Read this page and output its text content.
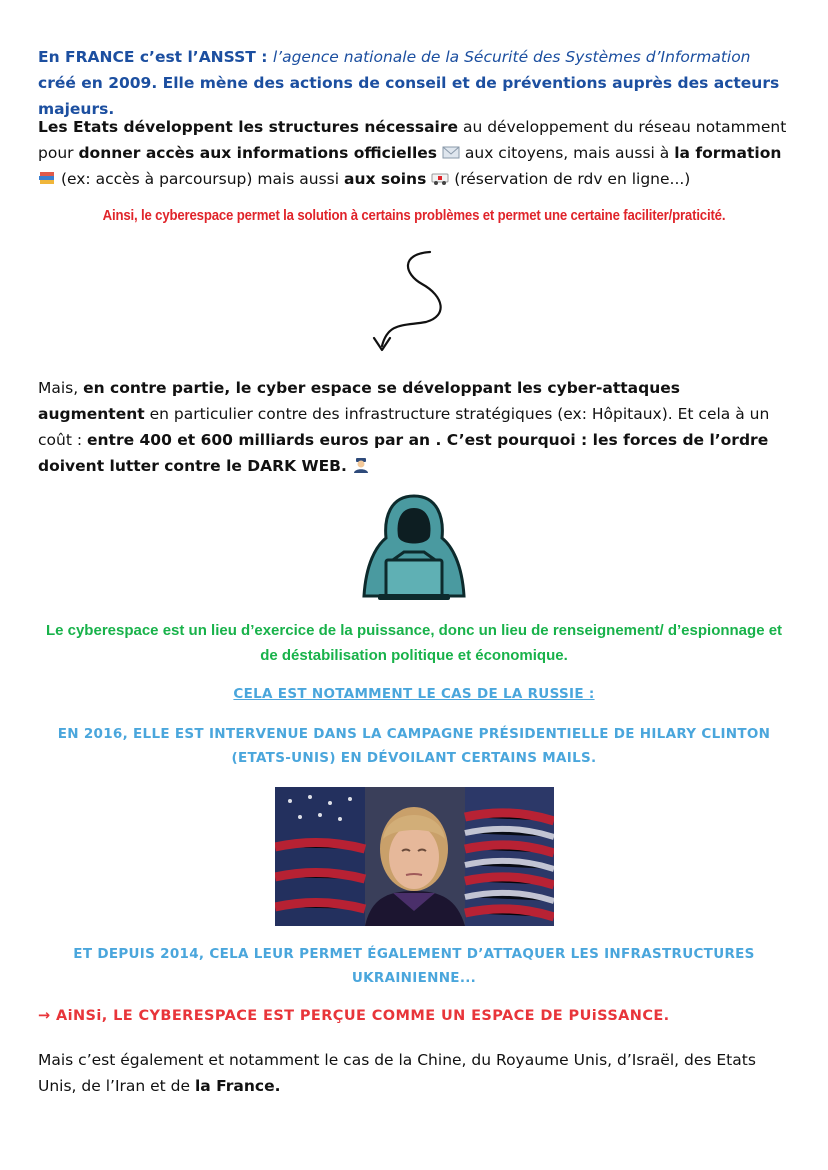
En FRANCE c’est l’ANSST : l’agence nationale de la Sécurité des Systèmes d’Information créé en 2009. Elle mène des actions de conseil et de préventions auprès des acteurs majeurs.
Les Etats développent les structures nécessaire au développement du réseau notamment pour donner accès aux informations officielles  aux citoyens, mais aussi à la formation  (ex: accès à parcoursup) mais aussi aux soins  (réservation de rdv en ligne...)
Ainsi, le cyberespace permet la solution à certains problèmes et permet une certaine faciliter/praticité.
Mais, en contre partie, le cyber espace se développant les cyber-attaques augmentent en particulier contre des infrastructure stratégiques (ex: Hôpitaux). Et cela à un coût : entre 400 et 600 milliards euros par an . C’est pourquoi : les forces de l’ordre doivent lutter contre le DARK WEB.
Le cyberespace est un lieu d’exercice de la puissance, donc un lieu de renseignement/ d’espionnage et de déstabilisation politique et économique.
CELA EST NOTAMMENT LE CAS DE LA RUSSIE :
EN 2016, ELLE EST INTERVENUE DANS LA CAMPAGNE PRÉSIDENTIELLE DE HILARY CLINTON (ETATS-UNIS) EN DÉVOILANT CERTAINS MAILS.
ET DEPUIS 2014, CELA LEUR PERMET ÉGALEMENT D’ATTAQUER LES INFRASTRUCTURES UKRAINIENNE...
→ AiNSi, LE CYBERESPACE EST PERÇUE COMME UN ESPACE DE PUiSSANCE.
Mais c’est également et notamment le cas de la Chine, du Royaume Unis, d’Israël, des Etats Unis, de l’Iran et de la France.
